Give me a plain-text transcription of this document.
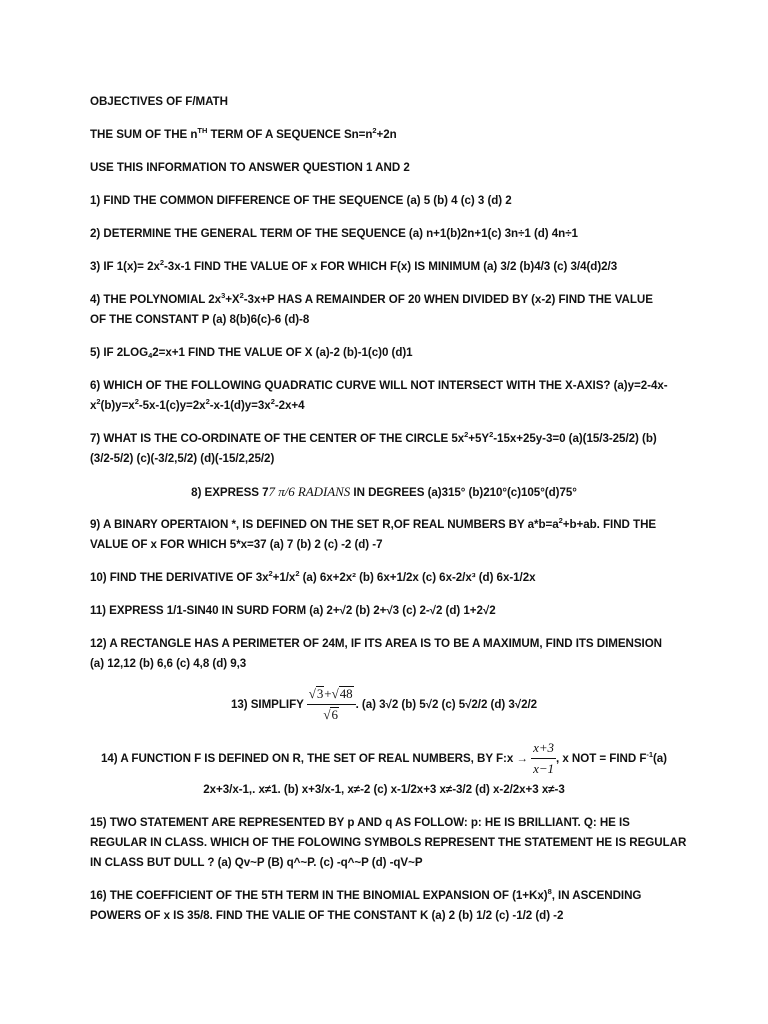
OBJECTIVES OF F/MATH
THE SUM OF THE $n^{TH}$ TERM OF A SEQUENCE $Sn=n^2+2n$
USE THIS INFORMATION TO ANSWER QUESTION 1 AND 2
1) FIND THE COMMON DIFFERENCE OF THE SEQUENCE (a) 5 (b) 4 (c) 3 (d) 2
2) DETERMINE THE GENERAL TERM OF THE SEQUENCE (a) n+1(b)2n+1(c) 3n÷1 (d) 4n÷1
3) IF $1(x)= 2x^2-3x-1$ FIND THE VALUE OF x FOR WHICH F(x) IS MINIMUM (a) 3/2 (b)4/3 (c) 3/4(d)2/3
4) THE POLYNOMIAL $2x^3+X^2-3x+P$ HAS A REMAINDER OF 20 WHEN DIVIDED BY (x-2) FIND THE VALUE
OF THE CONSTANT P (a) 8(b)6(c)-6 (d)-8
5) IF $2LOG_42=x+1$ FIND THE VALUE OF X (a)-2 (b)-1(c)0 (d)1
6) WHICH OF THE FOLLOWING QUADRATIC CURVE WILL NOT INTERSECT WITH THE X-AXIS? (a)y=2-4x-
$x^2(b)y=x^2-5x-1(c)y=2x^2-x-1(d)y=3x^2-2x+4$
7) WHAT IS THE CO-ORDINATE OF THE CENTER OF THE CIRCLE $5x^2+5Y^2-15x+25y-3=0$ (a)(15/3-25/2) (b)
(3/2-5/2) (c)(-3/2,5/2) (d)(-15/2,25/2)
8) EXPRESS 77 π/6 RADIANS IN DEGREES (a)315° (b)210°(c)105°(d)75°
9) A BINARY OPERTAION *, IS DEFINED ON THE SET R,OF REAL NUMBERS BY $a*b=a^2+b+ab$. FIND THE
VALUE OF x FOR WHICH 5*x=37 (a) 7 (b) 2 (c) -2 (d) -7
10) FIND THE DERIVATIVE OF $3x^2+1/x^2$ (a) 6x+2x² (b) 6x+1/2x (c) 6x-2/x³ (d) 6x-1/2x
11) EXPRESS 1/1-SIN40 IN SURD FORM (a) 2+√2 (b) 2+√3 (c) 2-√2 (d) 1+2√2
12) A RECTANGLE HAS A PERIMETER OF 24M, IF ITS AREA IS TO BE A MAXIMUM, FIND ITS DIMENSION
(a) 12,12 (b) 6,6 (c) 4,8 (d) 9,3
13) SIMPLIFY $\frac{√3+√48}{√6}$ . (a) 3√2 (b) 5√2 (c) 5√2/2 (d) 3√2/2
14) A FUNCTION F IS DEFINED ON R, THE SET OF REAL NUMBERS, BY F:x → $\frac{x+3}{x-1}$ , x NOT = FIND $F^{-1}(a)$
2x+3/x-1,. x≠1. (b) x+3/x-1, x≠-2 (c) x-1/2x+3 x≠-3/2 (d) x-2/2x+3 x≠-3
15) TWO STATEMENT ARE REPRESENTED BY p AND q AS FOLLOW: p: HE IS BRILLIANT. Q: HE IS
REGULAR IN CLASS. WHICH OF THE FOLOWING SYMBOLS REPRESENT THE STATEMENT HE IS REGULAR
IN CLASS BUT DULL ? (a) Qv~P (B) q^~P. (c) -q^~P (d) -qV~P
16) THE COEFFICIENT OF THE 5TH TERM IN THE BINOMIAL EXPANSION OF $(1+Kx)^8$, IN ASCENDING
POWERS OF x IS 35/8. FIND THE VALIE OF THE CONSTANT K (a) 2 (b) 1/2 (c) -1/2 (d) -2
